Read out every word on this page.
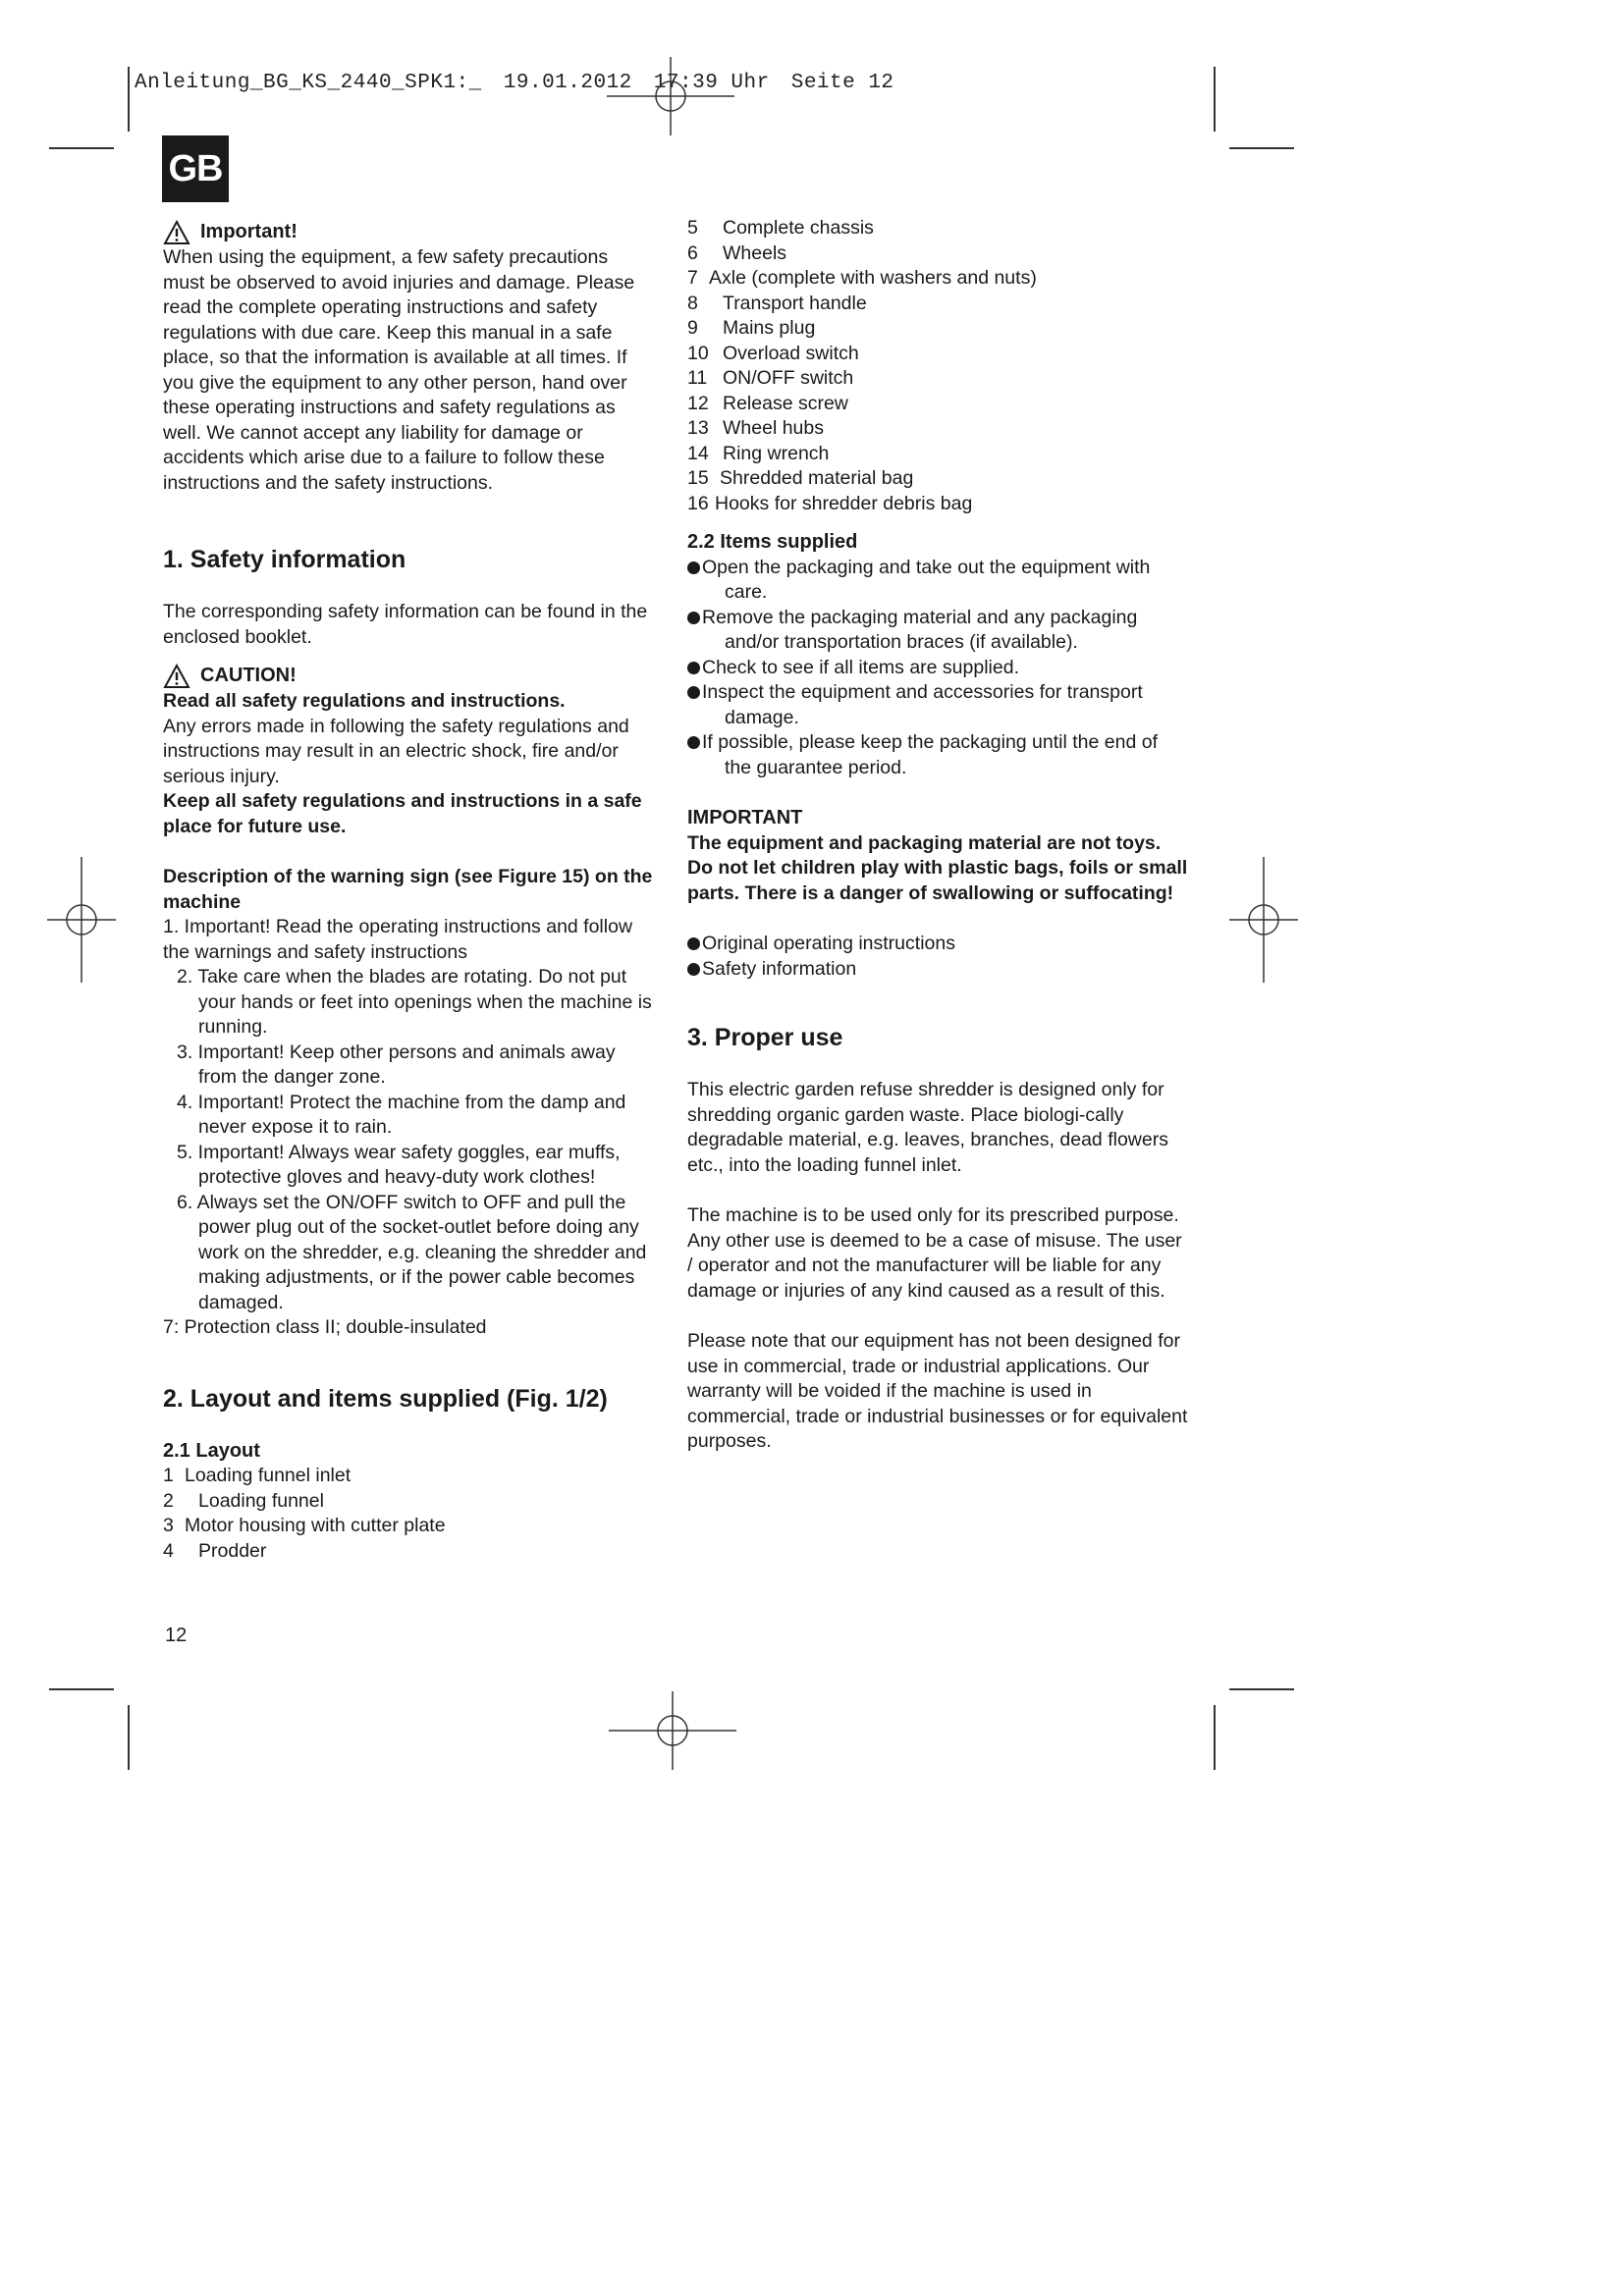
Anleitung_BG_KS_2440_SPK1:_ 19.01.2012 17:39 Uhr Seite 12
GB
Important!

When using the equipment, a few safety precautions must be observed to avoid injuries and damage. Please read the complete operating instructions and safety regulations with due care. Keep this manual in a safe place, so that the information is available at all times. If you give the equipment to any other person, hand over these operating instructions and safety regulations as well. We cannot accept any liability for damage or accidents which arise due to a failure to follow these instructions and the safety instructions.

1. Safety information

The corresponding safety information can be found in the enclosed booklet.

CAUTION!

Read all safety regulations and instructions.

Any errors made in following the safety regulations and instructions may result in an electric shock, fire and/or serious injury.

Keep all safety regulations and instructions in a safe place for future use.

Description of the warning sign (see Figure 15) on the machine

1. Important! Read the operating instructions and follow the warnings and safety instructions
2. Take care when the blades are rotating. Do not put your hands or feet into openings when the machine is running.
3. Important! Keep other persons and animals away from the danger zone.
4. Important! Protect the machine from the damp and never expose it to rain.
5. Important! Always wear safety goggles, ear muffs, protective gloves and heavy-duty work clothes!
6. Always set the ON/OFF switch to OFF and pull the power plug out of the socket-outlet before doing any work on the shredder, e.g. cleaning the shredder and making adjustments, or if the power cable becomes damaged.
7: Protection class II; double-insulated
2. Layout and items supplied (Fig. 1/2)

2.1 Layout

1 Loading funnel inlet
2	Loading funnel
3 Motor housing with cutter plate
4	Prodder
5	Complete chassis
6	Wheels
7 Axle (complete with washers and nuts)
8	Transport handle
9	Mains plug
10 Overload switch
11 ON/OFF switch
12 Release screw
13 Wheel hubs
14 Ring wrench
15 Shredded material bag
16 Hooks for shredder debris bag

2.2 Items supplied

Open the packaging and take out the equipment with care.
Remove the packaging material and any packaging and/or transportation braces (if available).
Check to see if all items are supplied.
Inspect the equipment and accessories for transport damage.
If possible, please keep the packaging until the end of the guarantee period.

IMPORTANT

The equipment and packaging material are not toys. Do not let children play with plastic bags, foils or small parts. There is a danger of swallowing or suffocating!

Original operating instructions
Safety information
3. Proper use

This electric garden refuse shredder is designed only for shredding organic garden waste. Place biologi-cally degradable material, e.g. leaves, branches, dead flowers etc., into the loading funnel inlet.

The machine is to be used only for its prescribed purpose. Any other use is deemed to be a case of misuse. The user / operator and not the manufacturer will be liable for any damage or injuries of any kind caused as a result of this.

Please note that our equipment has not been designed for use in commercial, trade or industrial applications. Our warranty will be voided if the machine is used in commercial, trade or industrial businesses or for equivalent purposes.

12
